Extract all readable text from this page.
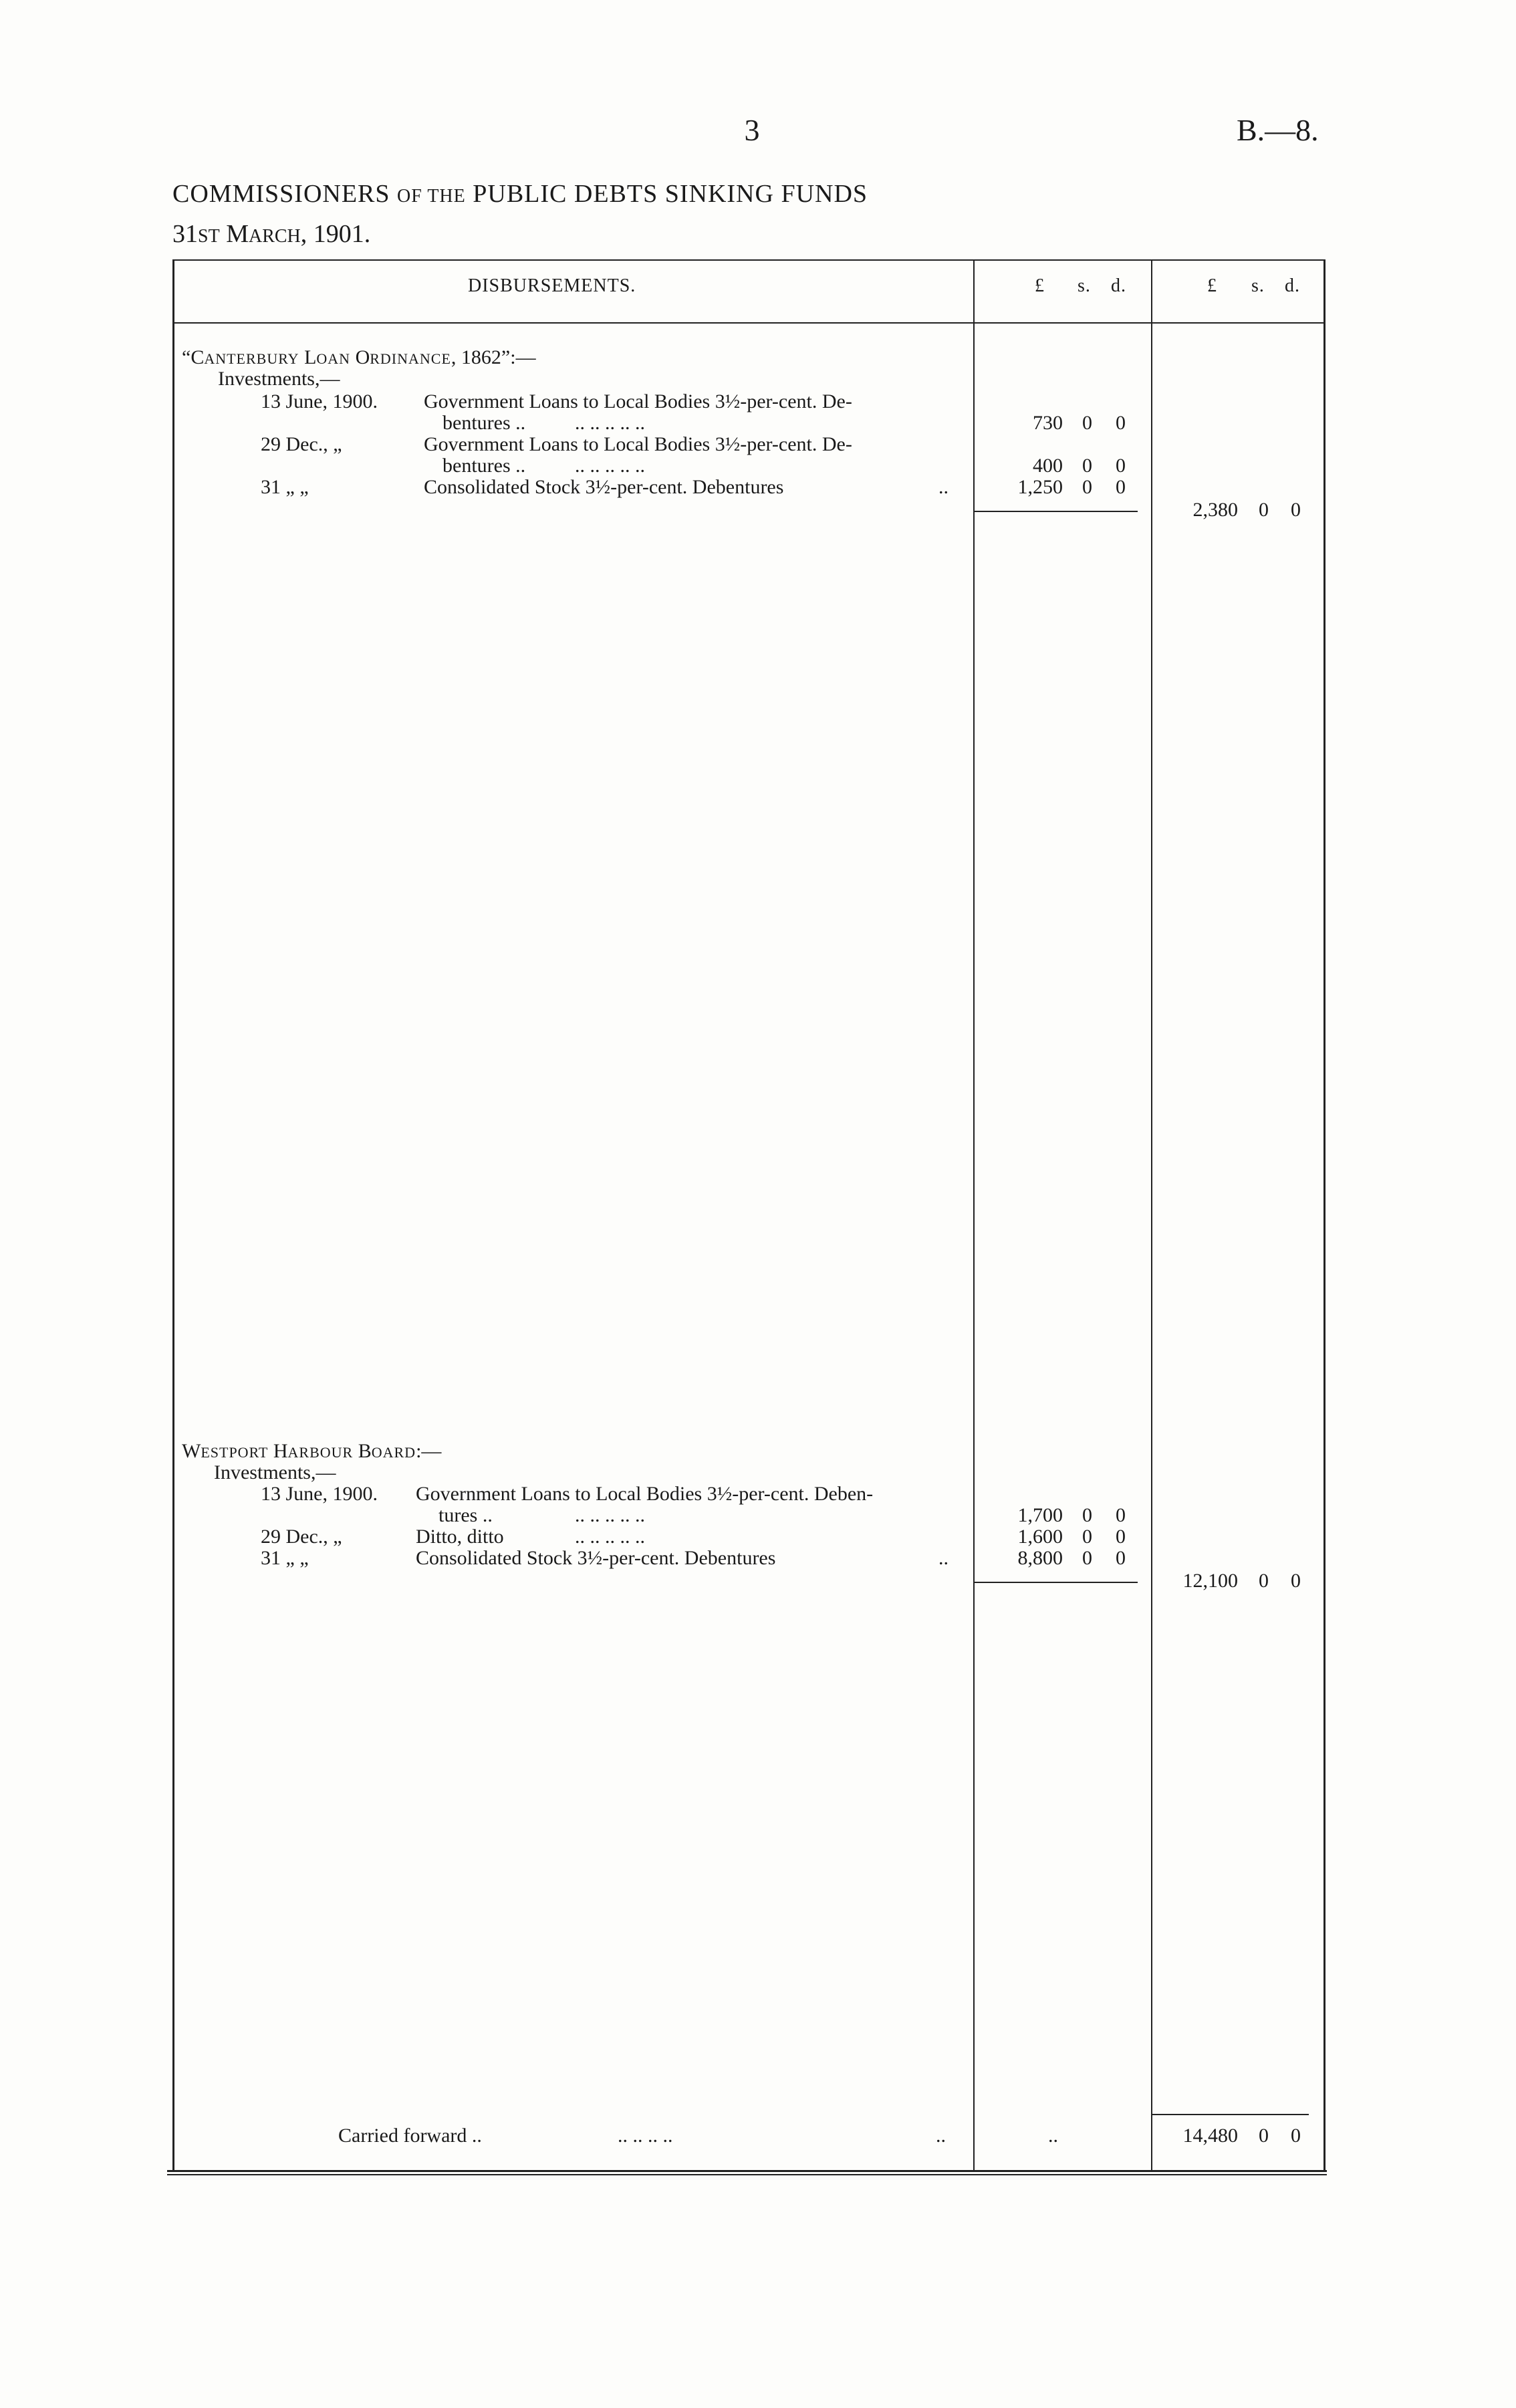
3	B.—8.
COMMISSIONERS OF THE PUBLIC DEBTS SINKING FUNDS
31ST MARCH, 1901.
DISBURSEMENTS.	£ s. d.	£ s. d.
“CANTERBURY LOAN ORDINANCE, 1862”:—
Investments,—
13 June, 1900. Government Loans to Local Bodies 3½-per-cent. De-
bentures .. .. .. .. .. ..	730 0	0
29 Dec., „	Government Loans to Local Bodies 3½-per-cent. De-
bentures .. .. .. .. .. ..	400 0	0
31 „ „	Consolidated Stock 3½-per-cent. Debentures	..	1,250 0	0
2,380	0	0
WESTPORT HARBOUR BOARD:—
Investments,—
13 June, 1900. Government Loans to Local Bodies 3½-per-cent. Deben-
tures ..	.. .. .. .. ..	1,700 0	0
29 Dec., „	Ditto, ditto	.. .. .. .. ..	1,600 0	0
31 „ „	Consolidated Stock 3½-per-cent. Debentures	..	8,800 0	0
12,100	0	0
Carried forward ..	.. .. .. ..	..	..	14,480	0	0
